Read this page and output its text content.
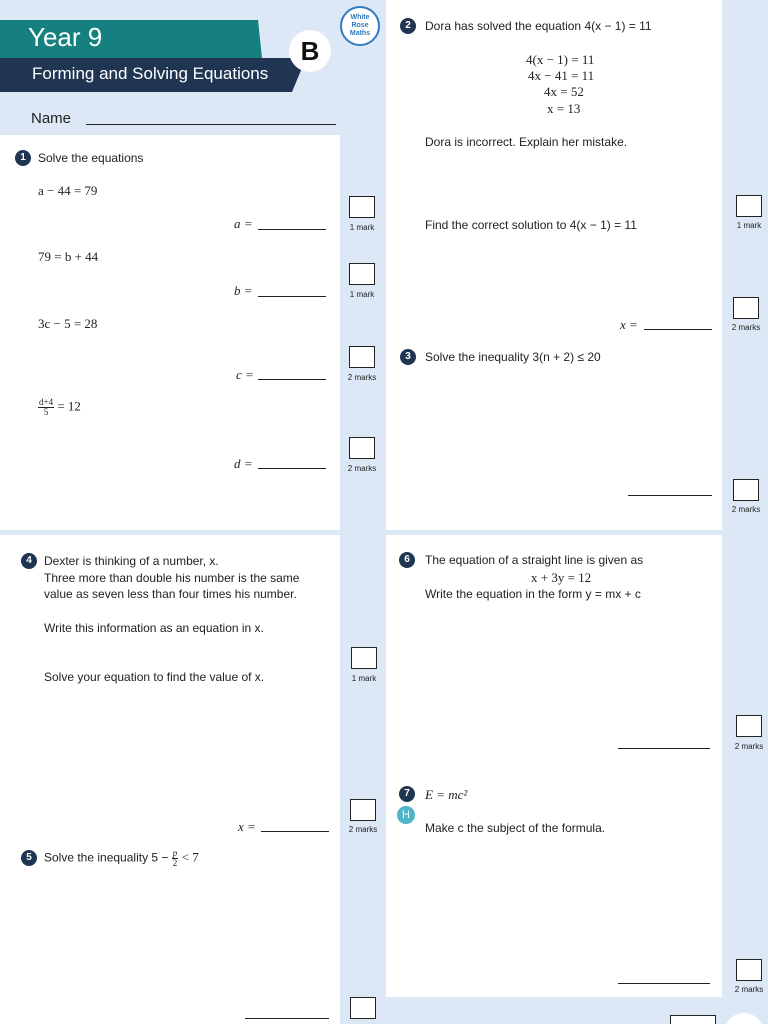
Year 9
Forming and Solving Equations
B
White
Rose
Maths
Name
1	Solve the equations
a − 44 = 79
a =	1 mark
79 = b + 44
b =	1 mark
3c − 5 = 28
c =	2 marks
$\frac{d+4}{5} = 12$
d =	2 marks
2	Dora has solved the equation 4(x − 1) = 11
4(x − 1) = 11
4x − 41 = 11
4x = 52
x = 13
Dora is incorrect. Explain her mistake.
1 mark
Find the correct solution to 4(x − 1) = 11
x =	2 marks
3	Solve the inequality 3(n + 2) ≤ 20
2 marks
4	Dexter is thinking of a number, x.
Three more than double his number is the same
value as seven less than four times his number.
Write this information as an equation in x.
1 mark
Solve your equation to find the value of x.
x =	2 marks
5	Solve the inequality $5 - \frac{p}{2} < 7$
6	The equation of a straight line is given as
x + 3y = 12
Write the equation in the form y = mx + c
2 marks
7	E = mc²
H
Make c the subject of the formula.
2 marks
